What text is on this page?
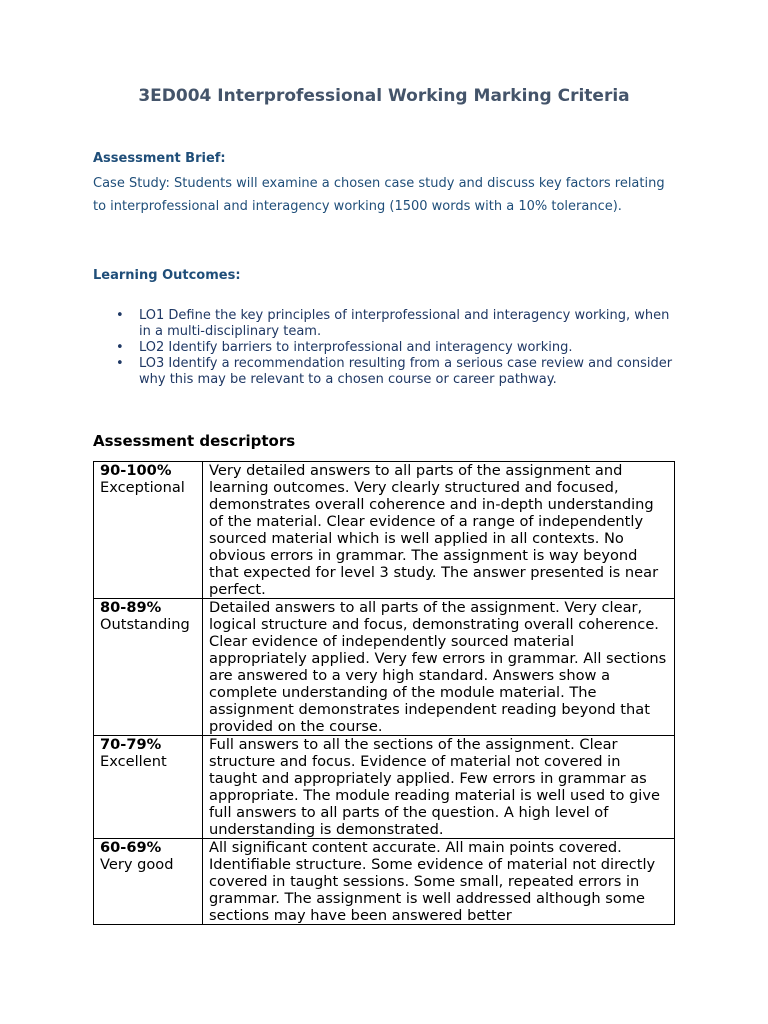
3ED004 Interprofessional Working Marking Criteria
Assessment Brief:

Case Study: Students will examine a chosen case study and discuss key factors relating to interprofessional and interagency working (1500 words with a 10% tolerance).

Learning Outcomes:
• LO1 Define the key principles of interprofessional and interagency working, when in a multi-disciplinary team.
• LO2 Identify barriers to interprofessional and interagency working.
• LO3 Identify a recommendation resulting from a serious case review and consider why this may be relevant to a chosen course or career pathway.
Assessment descriptors
90-100%
Exceptional	Very detailed answers to all parts of the assignment and learning outcomes. Very clearly structured and focused, demonstrates overall coherence and in-depth understanding of the material. Clear evidence of a range of independently sourced material which is well applied in all contexts. No obvious errors in grammar. The assignment is way beyond that expected for level 3 study. The answer presented is near perfect.

80-89%
Outstanding	Detailed answers to all parts of the assignment. Very clear, logical structure and focus, demonstrating overall coherence. Clear evidence of independently sourced material appropriately applied. Very few errors in grammar. All sections are answered to a very high standard. Answers show a complete understanding of the module material. The assignment demonstrates independent reading beyond that provided on the course.

70-79%
Excellent	Full answers to all the sections of the assignment. Clear structure and focus. Evidence of material not covered in taught and appropriately applied. Few errors in grammar as appropriate. The module reading material is well used to give full answers to all parts of the question. A high level of understanding is demonstrated.

60-69%
Very good	All significant content accurate. All main points covered. Identifiable structure. Some evidence of material not directly covered in taught sessions. Some small, repeated errors in grammar. The assignment is well addressed although some sections may have been answered better
